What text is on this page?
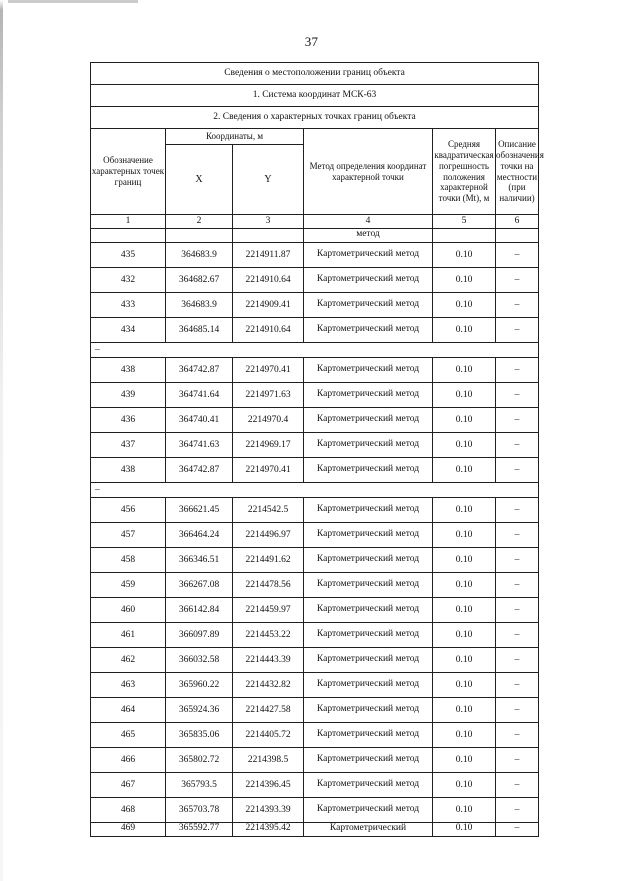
37
Сведения о местоположении границ объекта					
1. Система координат МСК-63					
2. Сведения о характерных точках границ объекта					
Обозначение характерных точек границ	Координаты, м		Метод определения координат характерной точки	Средняя квадратическая погрешность положения характерной точки (Mt), м	Описание обозначения точки на местности (при наличии)
	X	Y			
1	2	3	4	5	6
			метод		
435	364683.9	2214911.87	Картометрический метод	0.10	–
432	364682.67	2214910.64	Картометрический метод	0.10	–
433	364683.9	2214909.41	Картометрический метод	0.10	–
434	364685.14	2214910.64	Картометрический метод	0.10	–
–					
438	364742.87	2214970.41	Картометрический метод	0.10	–
439	364741.64	2214971.63	Картометрический метод	0.10	–
436	364740.41	2214970.4	Картометрический метод	0.10	–
437	364741.63	2214969.17	Картометрический метод	0.10	–
438	364742.87	2214970.41	Картометрический метод	0.10	–
–					
456	366621.45	2214542.5	Картометрический метод	0.10	–
457	366464.24	2214496.97	Картометрический метод	0.10	–
458	366346.51	2214491.62	Картометрический метод	0.10	–
459	366267.08	2214478.56	Картометрический метод	0.10	–
460	366142.84	2214459.97	Картометрический метод	0.10	–
461	366097.89	2214453.22	Картометрический метод	0.10	–
462	366032.58	2214443.39	Картометрический метод	0.10	–
463	365960.22	2214432.82	Картометрический метод	0.10	–
464	365924.36	2214427.58	Картометрический метод	0.10	–
465	365835.06	2214405.72	Картометрический метод	0.10	–
466	365802.72	2214398.5	Картометрический метод	0.10	–
467	365793.5	2214396.45	Картометрический метод	0.10	–
468	365703.78	2214393.39	Картометрический метод	0.10	–
469	365592.77	2214395.42	Картометрический	0.10	–
